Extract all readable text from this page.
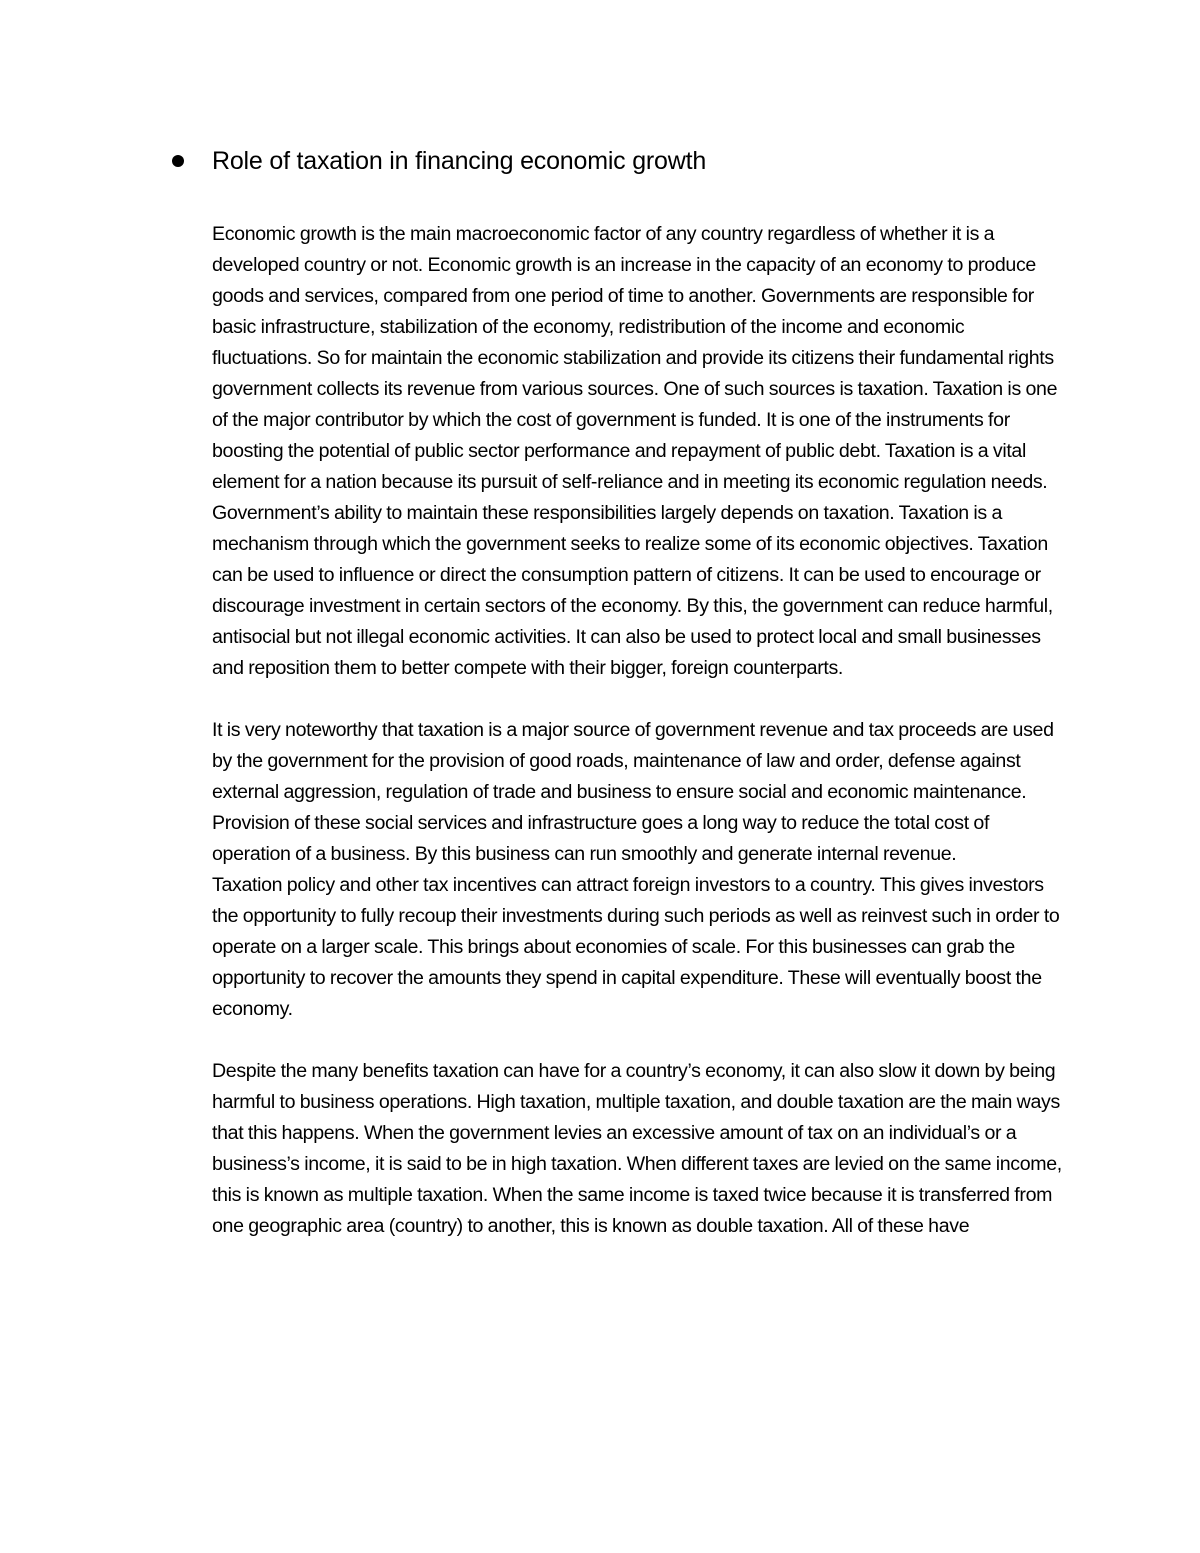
Role of taxation in financing economic growth

Economic growth is the main macroeconomic factor of any country regardless of whether it is a developed country or not. Economic growth is an increase in the capacity of an economy to produce goods and services, compared from one period of time to another. Governments are responsible for basic infrastructure, stabilization of the economy, redistribution of the income and economic fluctuations. So for maintain the economic stabilization and provide its citizens their fundamental rights government collects its revenue from various sources. One of such sources is taxation. Taxation is one of the major contributor by which the cost of government is funded. It is one of the instruments for boosting the potential of public sector performance and repayment of public debt. Taxation is a vital element for a nation because its pursuit of self-reliance and in meeting its economic regulation needs.

Government’s ability to maintain these responsibilities largely depends on taxation. Taxation is a mechanism through which the government seeks to realize some of its economic objectives. Taxation can be used to influence or direct the consumption pattern of citizens. It can be used to encourage or discourage investment in certain sectors of the economy. By this, the government can reduce harmful, antisocial but not illegal economic activities. It can also be used to protect local and small businesses and reposition them to better compete with their bigger, foreign counterparts.

It is very noteworthy that taxation is a major source of government revenue and tax proceeds are used by the government for the provision of good roads, maintenance of law and order, defense against external aggression, regulation of trade and business to ensure social and economic maintenance. Provision of these social services and infrastructure goes a long way to reduce the total cost of operation of a business. By this business can run smoothly and generate internal revenue.

Taxation policy and other tax incentives can attract foreign investors to a country. This gives investors the opportunity to fully recoup their investments during such periods as well as reinvest such in order to operate on a larger scale. This brings about economies of scale. For this businesses can grab the opportunity to recover the amounts they spend in capital expenditure. These will eventually boost the economy.

Despite the many benefits taxation can have for a country’s economy, it can also slow it down by being harmful to business operations. High taxation, multiple taxation, and double taxation are the main ways that this happens. When the government levies an excessive amount of tax on an individual’s or a business’s income, it is said to be in high taxation. When different taxes are levied on the same income, this is known as multiple taxation. When the same income is taxed twice because it is transferred from one geographic area (country) to another, this is known as double taxation. All of these have
